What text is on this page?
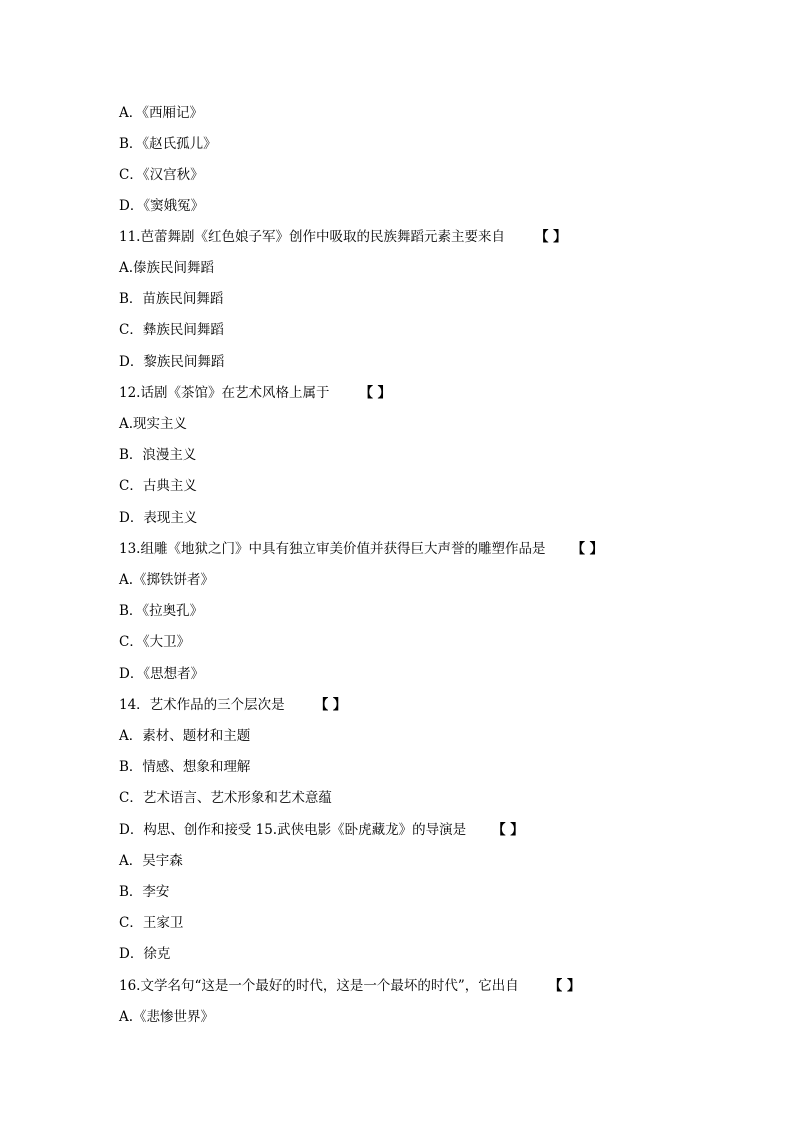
A．《西厢记》
B．《赵氏孤儿》
C．《汉宫秋》
D．《窦娥冤》
11.芭蕾舞剧《红色娘子军》创作中吸取的民族舞蹈元素主要来自 【 】
A.傣族民间舞蹈
B．苗族民间舞蹈
C．彝族民间舞蹈
D．黎族民间舞蹈
12.话剧《茶馆》在艺术风格上属于 【 】
A.现实主义
B．浪漫主义
C．古典主义
D．表现主义
13.组雕《地狱之门》中具有独立审美价值并获得巨大声誉的雕塑作品是 【 】
A.《掷铁饼者》
B．《拉奥孔》
C．《大卫》
D．《思想者》
14．艺术作品的三个层次是 【 】
A．素材、题材和主题
B．情感、想象和理解
C．艺术语言、艺术形象和艺术意蕴
D．构思、创作和接受 15.武侠电影《卧虎藏龙》的导演是 【 】
A．吴宇森
B．李安
C．王家卫
D．徐克
16.文学名句“这是一个最好的时代，这是一个最坏的时代”，它出自 【 】
A.《悲惨世界》
